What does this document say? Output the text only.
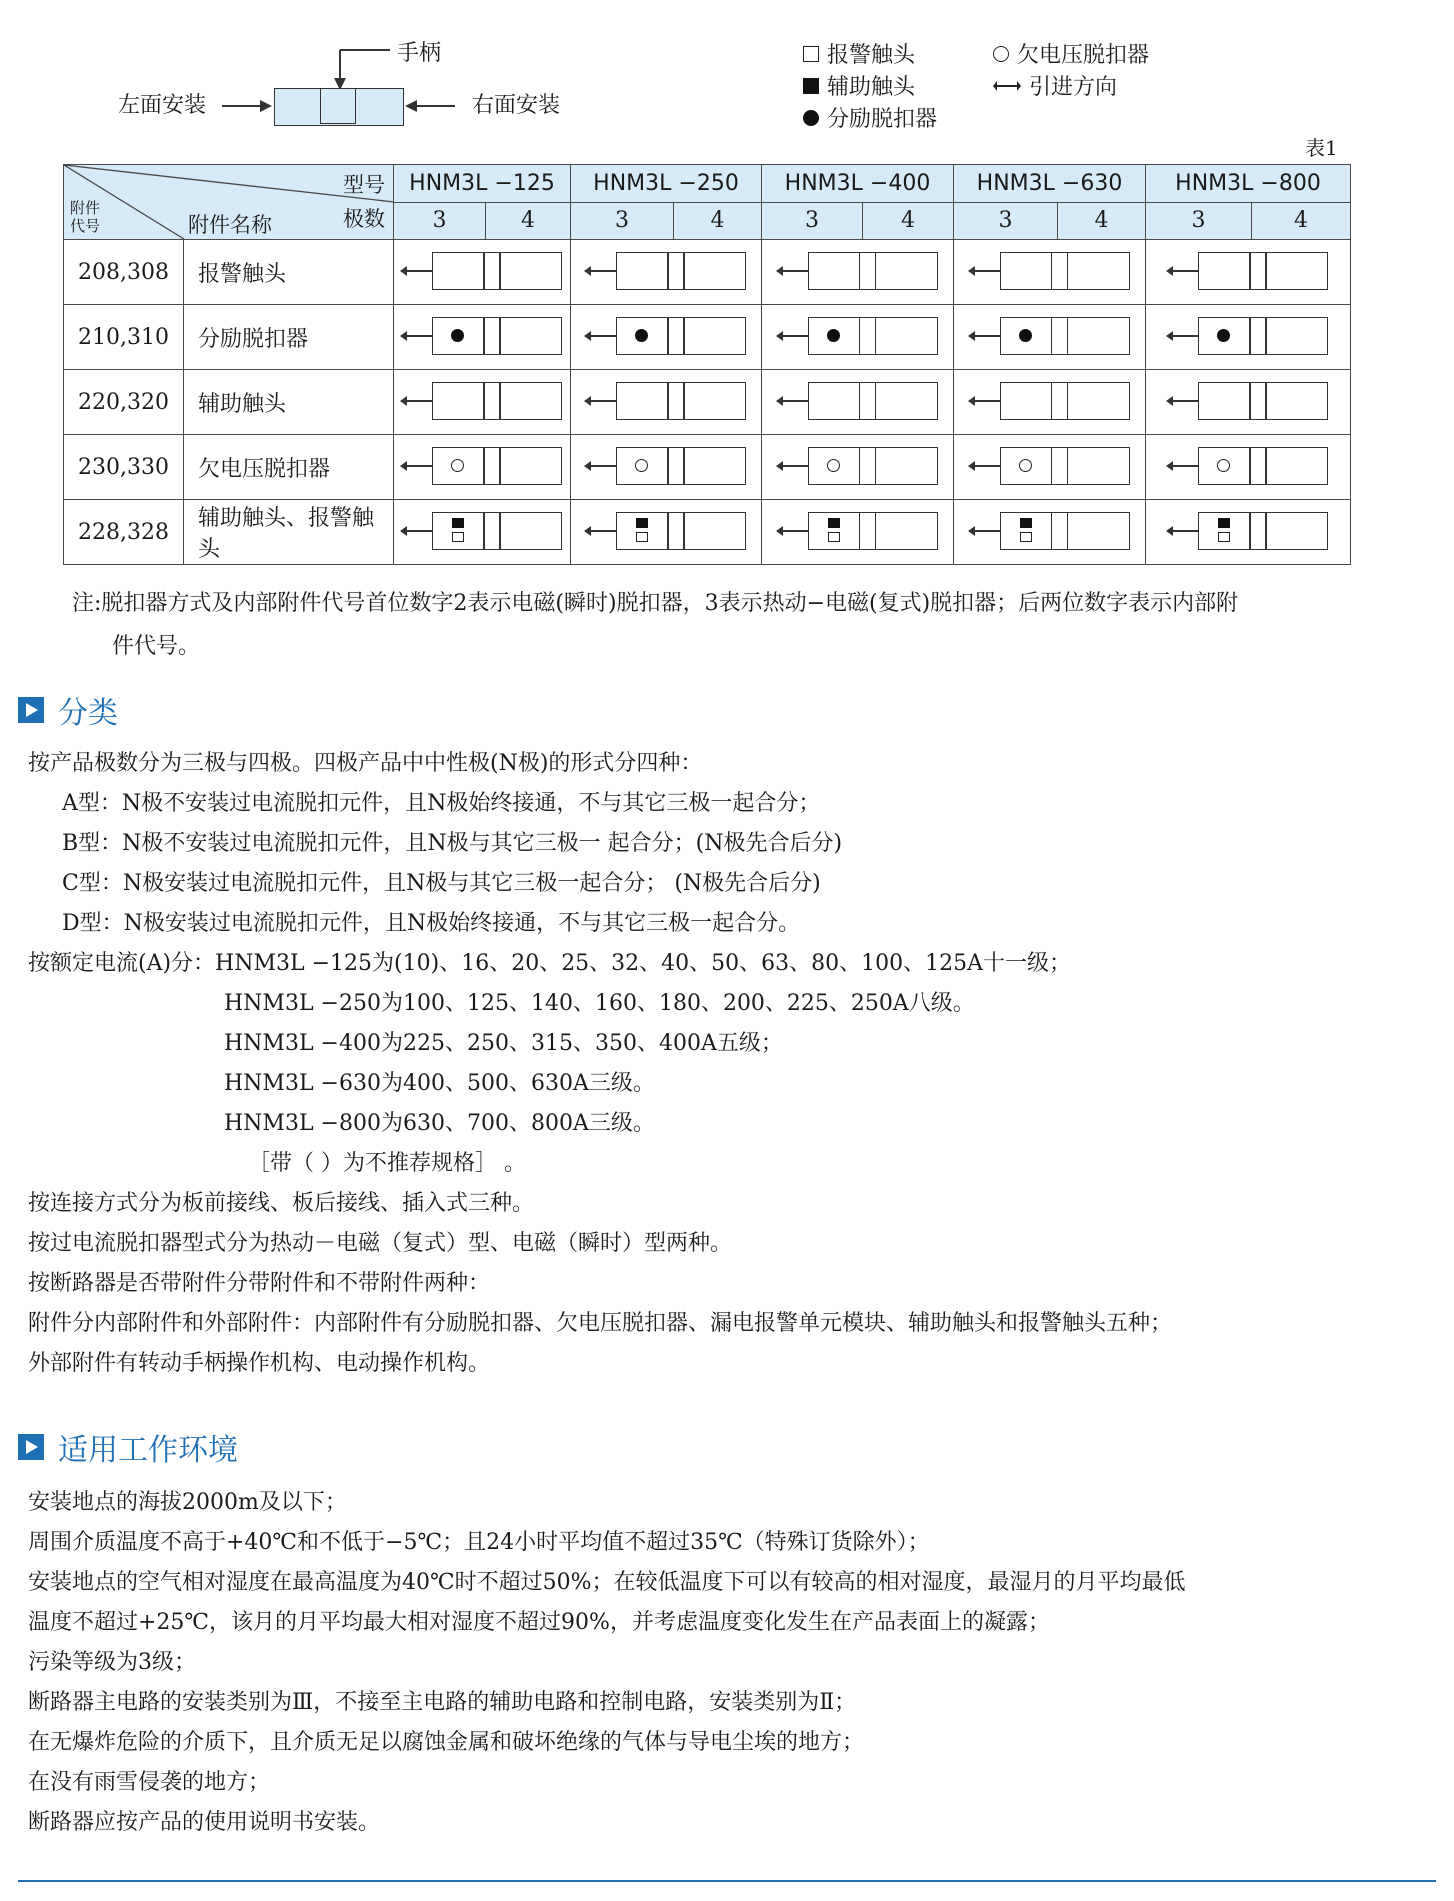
手柄
左面安装	右面安装
报警触头
辅助触头
分励脱扣器
欠电压脱扣器
引进方向
表1
型号
极数
附件代号 附件名称		HNM3L −125		HNM3L −250		HNM3L −400		HNM3L −630		HNM3L −800	
		3	4	3	4	3	4	3	4	3	4
208,308	报警触头						

210,310	分励脱扣器						

220,320	辅助触头						

230,330	欠电压脱扣器						

228,328	辅助触头、报警触头						

注:脱扣器方式及内部附件代号首位数字2表示电磁(瞬时)脱扣器，3表示热动−电磁(复式)脱扣器；后两位数字表示内部附
件代号。
分类
按产品极数分为三极与四极。四极产品中中性极(N极)的形式分四种：
A型：N极不安装过电流脱扣元件，且N极始终接通，不与其它三极一起合分；
B型：N极不安装过电流脱扣元件，且N极与其它三极一 起合分；(N极先合后分)
C型：N极安装过电流脱扣元件，且N极与其它三极一起合分； (N极先合后分)
D型：N极安装过电流脱扣元件，且N极始终接通，不与其它三极一起合分。
按额定电流(A)分：HNM3L −125为(10)、16、20、25、32、40、50、63、80、100、125A十一级；
HNM3L −250为100、125、140、160、180、200、225、250A八级。
HNM3L −400为225、250、315、350、400A五级；
HNM3L −630为400、500、630A三级。
HNM3L −800为630、700、800A三级。
［带（ ）为不推荐规格］ 。
按连接方式分为板前接线、板后接线、插入式三种。
按过电流脱扣器型式分为热动－电磁（复式）型、电磁（瞬时）型两种。
按断路器是否带附件分带附件和不带附件两种：
附件分内部附件和外部附件：内部附件有分励脱扣器、欠电压脱扣器、漏电报警单元模块、辅助触头和报警触头五种；
外部附件有转动手柄操作机构、电动操作机构。
适用工作环境
安装地点的海拔2000m及以下；
周围介质温度不高于+40℃和不低于−5℃；且24小时平均值不超过35℃（特殊订货除外）；
安装地点的空气相对湿度在最高温度为40℃时不超过50%；在较低温度下可以有较高的相对湿度，最湿月的月平均最低
温度不超过+25℃，该月的月平均最大相对湿度不超过90%，并考虑温度变化发生在产品表面上的凝露；
污染等级为3级；
断路器主电路的安装类别为Ⅲ，不接至主电路的辅助电路和控制电路，安装类别为Ⅱ；
在无爆炸危险的介质下，且介质无足以腐蚀金属和破坏绝缘的气体与导电尘埃的地方；
在没有雨雪侵袭的地方；
断路器应按产品的使用说明书安装。
